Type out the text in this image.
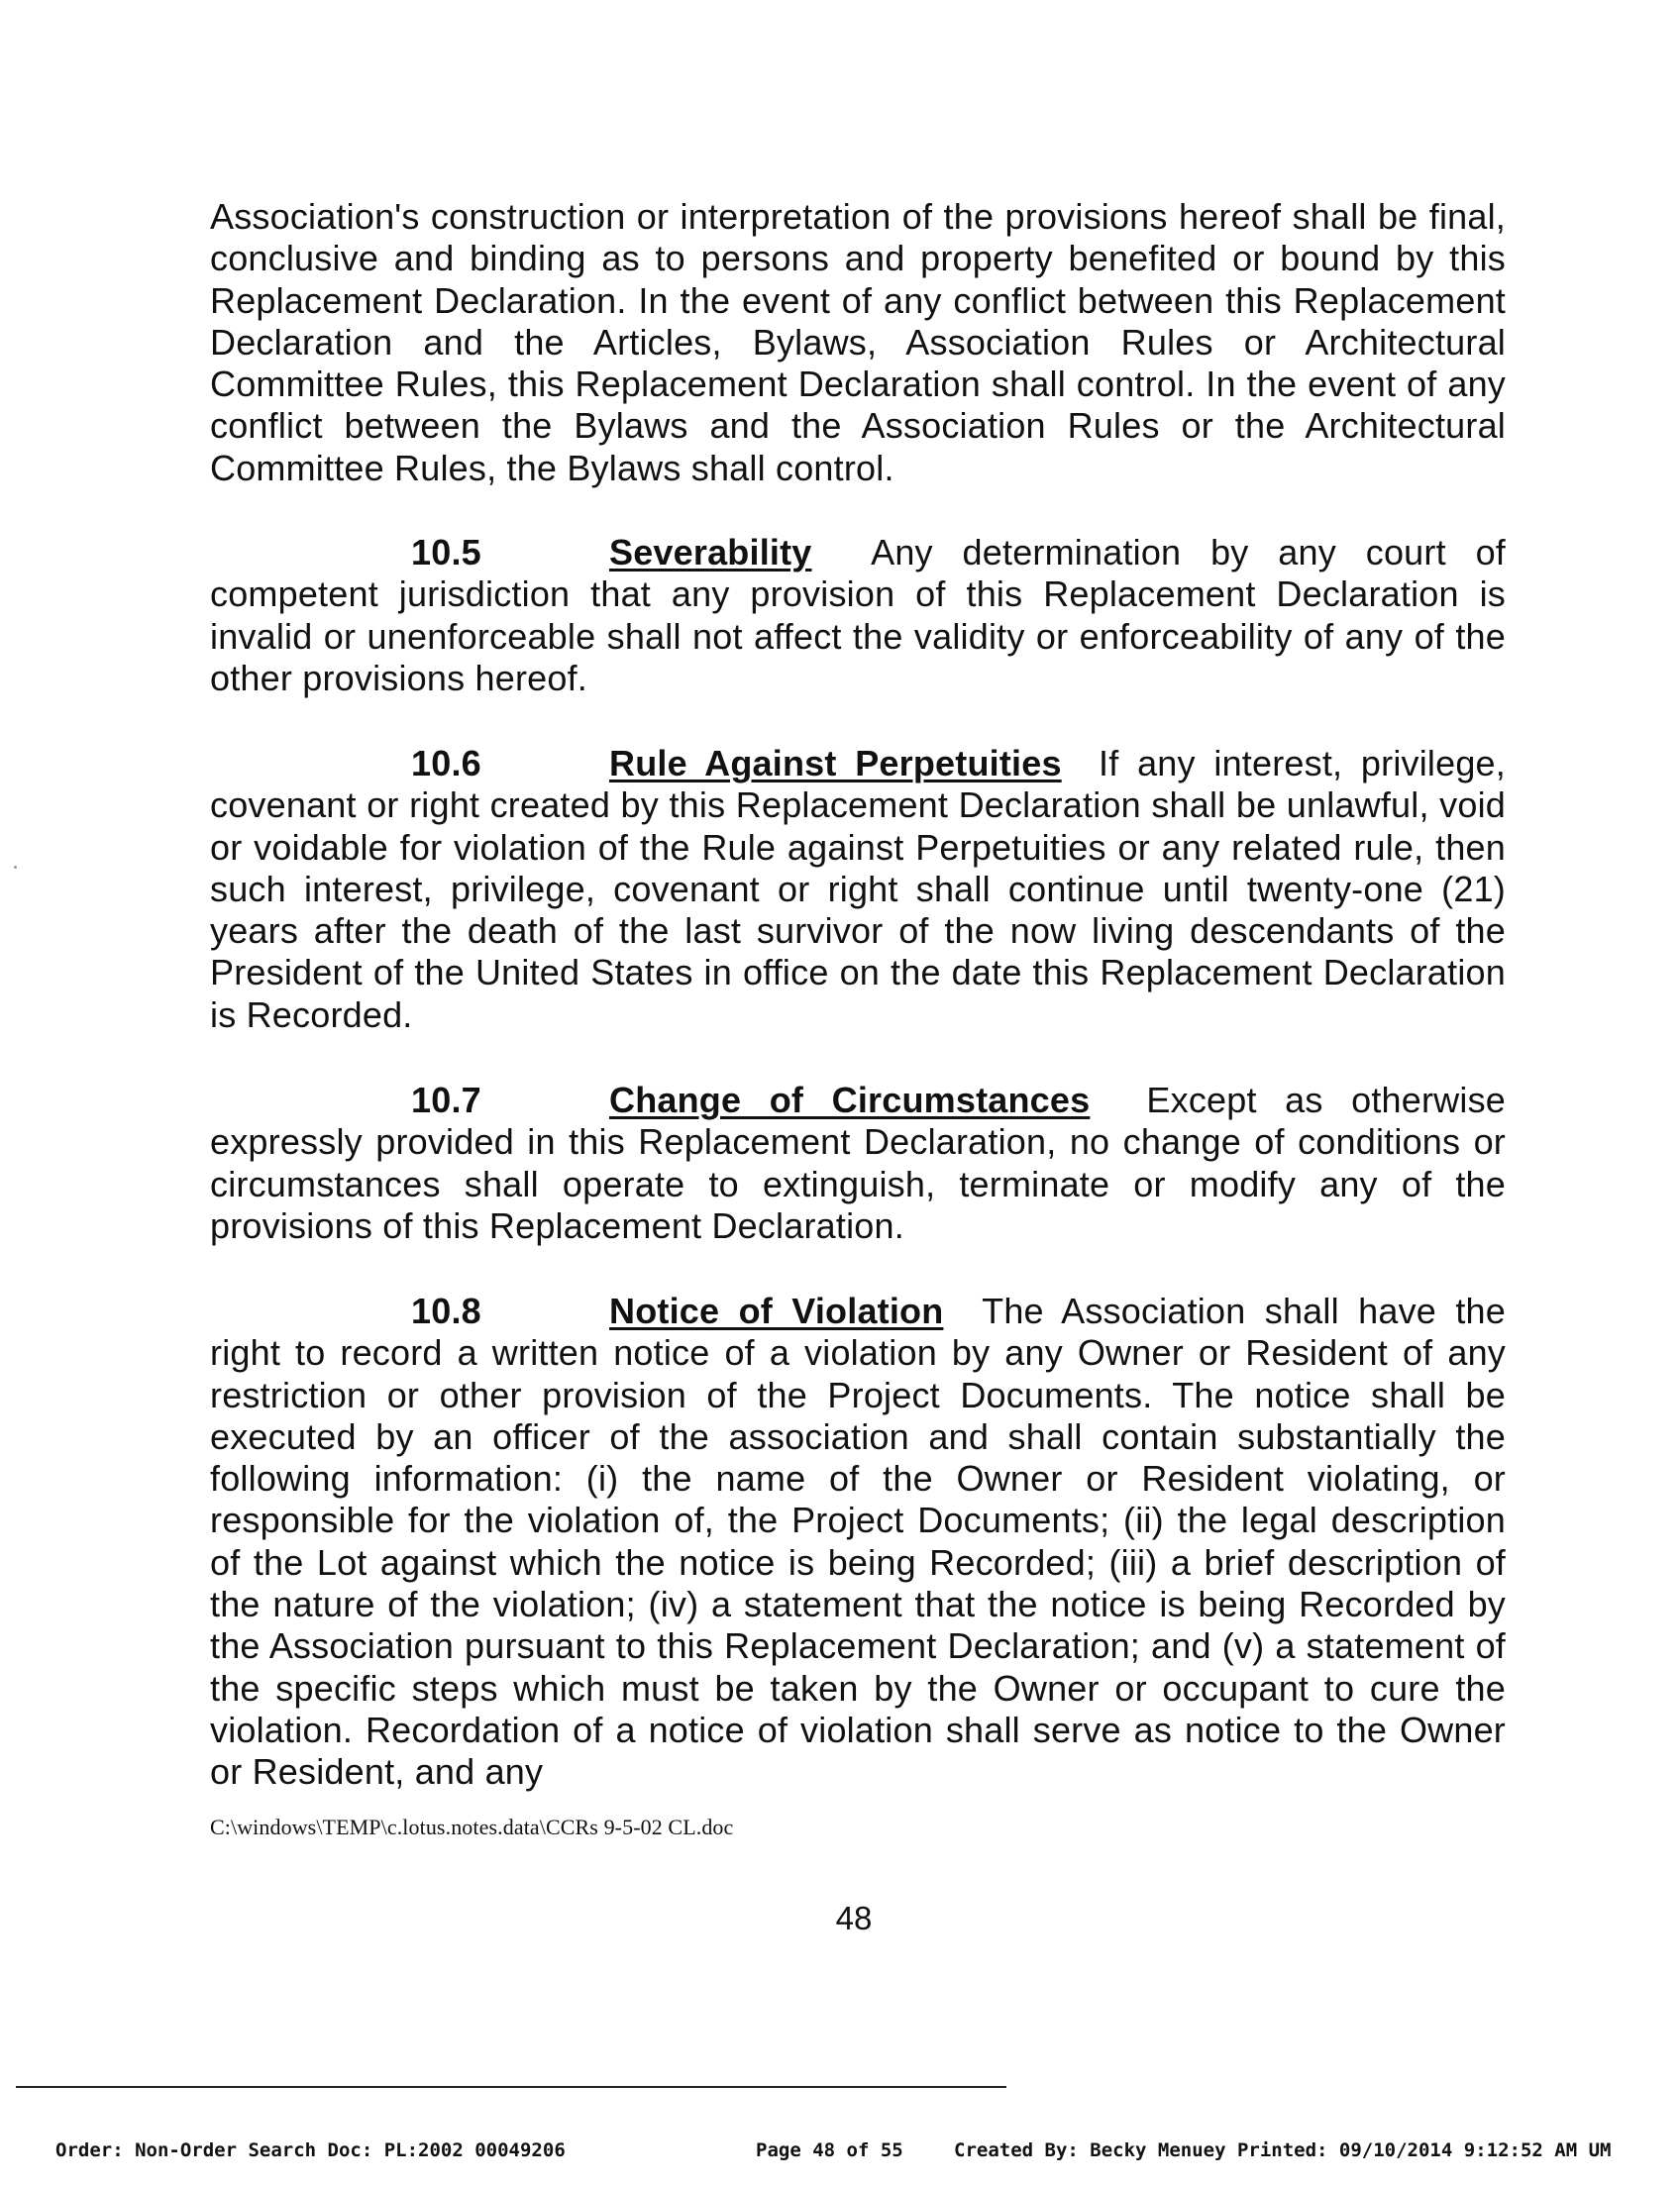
Association's construction or interpretation of the provisions hereof shall be final, conclusive and binding as to persons and property benefited or bound by this Replacement Declaration. In the event of any conflict between this Replacement Declaration and the Articles, Bylaws, Association Rules or Architectural Committee Rules, this Replacement Declaration shall control. In the event of any conflict between the Bylaws and the Association Rules or the Architectural Committee Rules, the Bylaws shall control.
10.5	Severability Any determination by any court of competent jurisdiction that any provision of this Replacement Declaration is invalid or unenforceable shall not affect the validity or enforceability of any of the other provisions hereof.
10.6	Rule Against Perpetuities If any interest, privilege, covenant or right created by this Replacement Declaration shall be unlawful, void or voidable for violation of the Rule against Perpetuities or any related rule, then such interest, privilege, covenant or right shall continue until twenty-one (21) years after the death of the last survivor of the now living descendants of the President of the United States in office on the date this Replacement Declaration is Recorded.
10.7	Change of Circumstances Except as otherwise expressly provided in this Replacement Declaration, no change of conditions or circumstances shall operate to extinguish, terminate or modify any of the provisions of this Replacement Declaration.
10.8	Notice of Violation The Association shall have the right to record a written notice of a violation by any Owner or Resident of any restriction or other provision of the Project Documents. The notice shall be executed by an officer of the association and shall contain substantially the following information: (i) the name of the Owner or Resident violating, or responsible for the violation of, the Project Documents; (ii) the legal description of the Lot against which the notice is being Recorded; (iii) a brief description of the nature of the violation; (iv) a statement that the notice is being Recorded by the Association pursuant to this Replacement Declaration; and (v) a statement of the specific steps which must be taken by the Owner or occupant to cure the violation. Recordation of a notice of violation shall serve as notice to the Owner or Resident, and any
C:\windows\TEMP\c.lotus.notes.data\CCRs 9-5-02 CL.doc
48
Order: Non-Order Search Doc: PL:2002 00049206	Page 48 of 55	Created By: Becky Menuey Printed: 09/10/2014 9:12:52 AM UM
